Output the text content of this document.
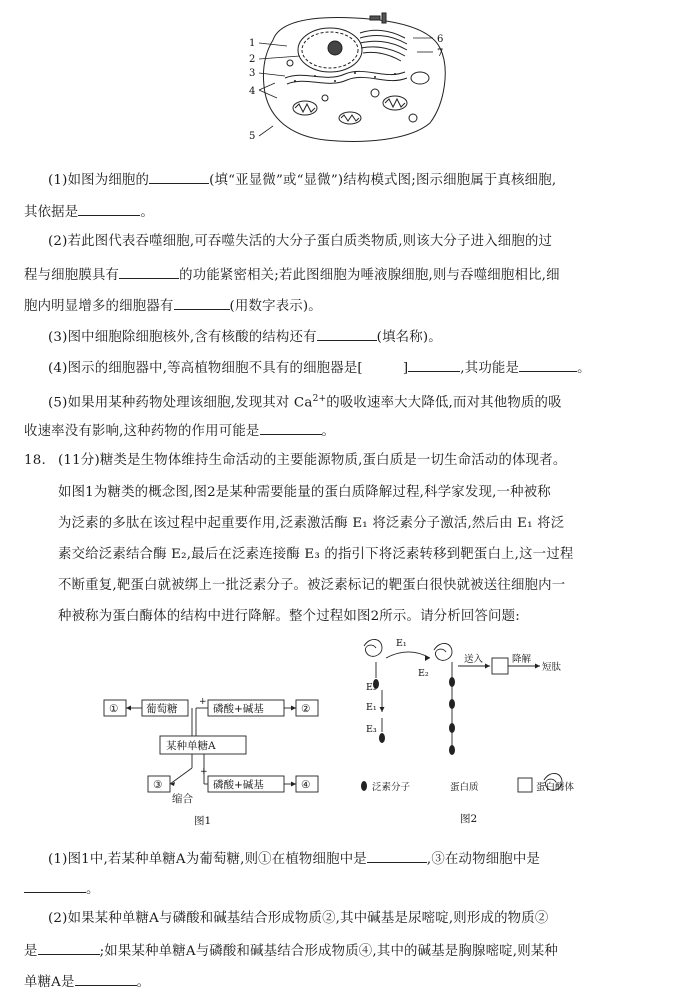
1
2
3
4
5
6
7
(1)如图为细胞的	(填“亚显微”或“显微”)结构模式图;图示细胞属于真核细胞,
其依据是	。
(2)若此图代表吞噬细胞,可吞噬失活的大分子蛋白质类物质,则该大分子进入细胞的过
程与细胞膜具有	的功能紧密相关;若此图细胞为唾液腺细胞,则与吞噬细胞相比,细
胞内明显增多的细胞器有	(用数字表示)。
(3)图中细胞除细胞核外,含有核酸的结构还有	(填名称)。
(4)图示的细胞器中,等高植物细胞不具有的细胞器是[	]	,其功能是	。
(5)如果用某种药物处理该细胞,发现其对 $Ca^{2+}$的吸收速率大大降低,而对其他物质的吸
收速率没有影响,这种药物的作用可能是	。
18. (11分)糖类是生物体维持生命活动的主要能源物质,蛋白质是一切生命活动的体现者。
如图1为糖类的概念图,图2是某种需要能量的蛋白质降解过程,科学家发现,一种被称
为泛素的多肽在该过程中起重要作用,泛素激活酶 E₁ 将泛素分子激活,然后由 E₁ 将泛
素交给泛素结合酶 E₂,最后在泛素连接酶 E₃ 的指引下将泛素转移到靶蛋白上,这一过程
不断重复,靶蛋白就被绑上一批泛素分子。被泛素标记的靶蛋白很快就被送往细胞内一
种被称为蛋白酶体的结构中进行降解。整个过程如图2所示。请分析回答问题:
①	葡萄糖	磷酸+碱基	②
某种单糖A
③
缩合
磷酸+碱基	④
+
+
图1
E₁
E₂
E₂
E₁
E₃
送入	降解
短肽
泛素分子	蛋白质	蛋白酶体
图2
(1)图1中,若某种单糖A为葡萄糖,则①在植物细胞中是	,③在动物细胞中是
。
(2)如果某种单糖A与磷酸和碱基结合形成物质②,其中碱基是尿嘧啶,则形成的物质②
是	;如果某种单糖A与磷酸和碱基结合形成物质④,其中的碱基是胸腺嘧啶,则某种
单糖A是	。
